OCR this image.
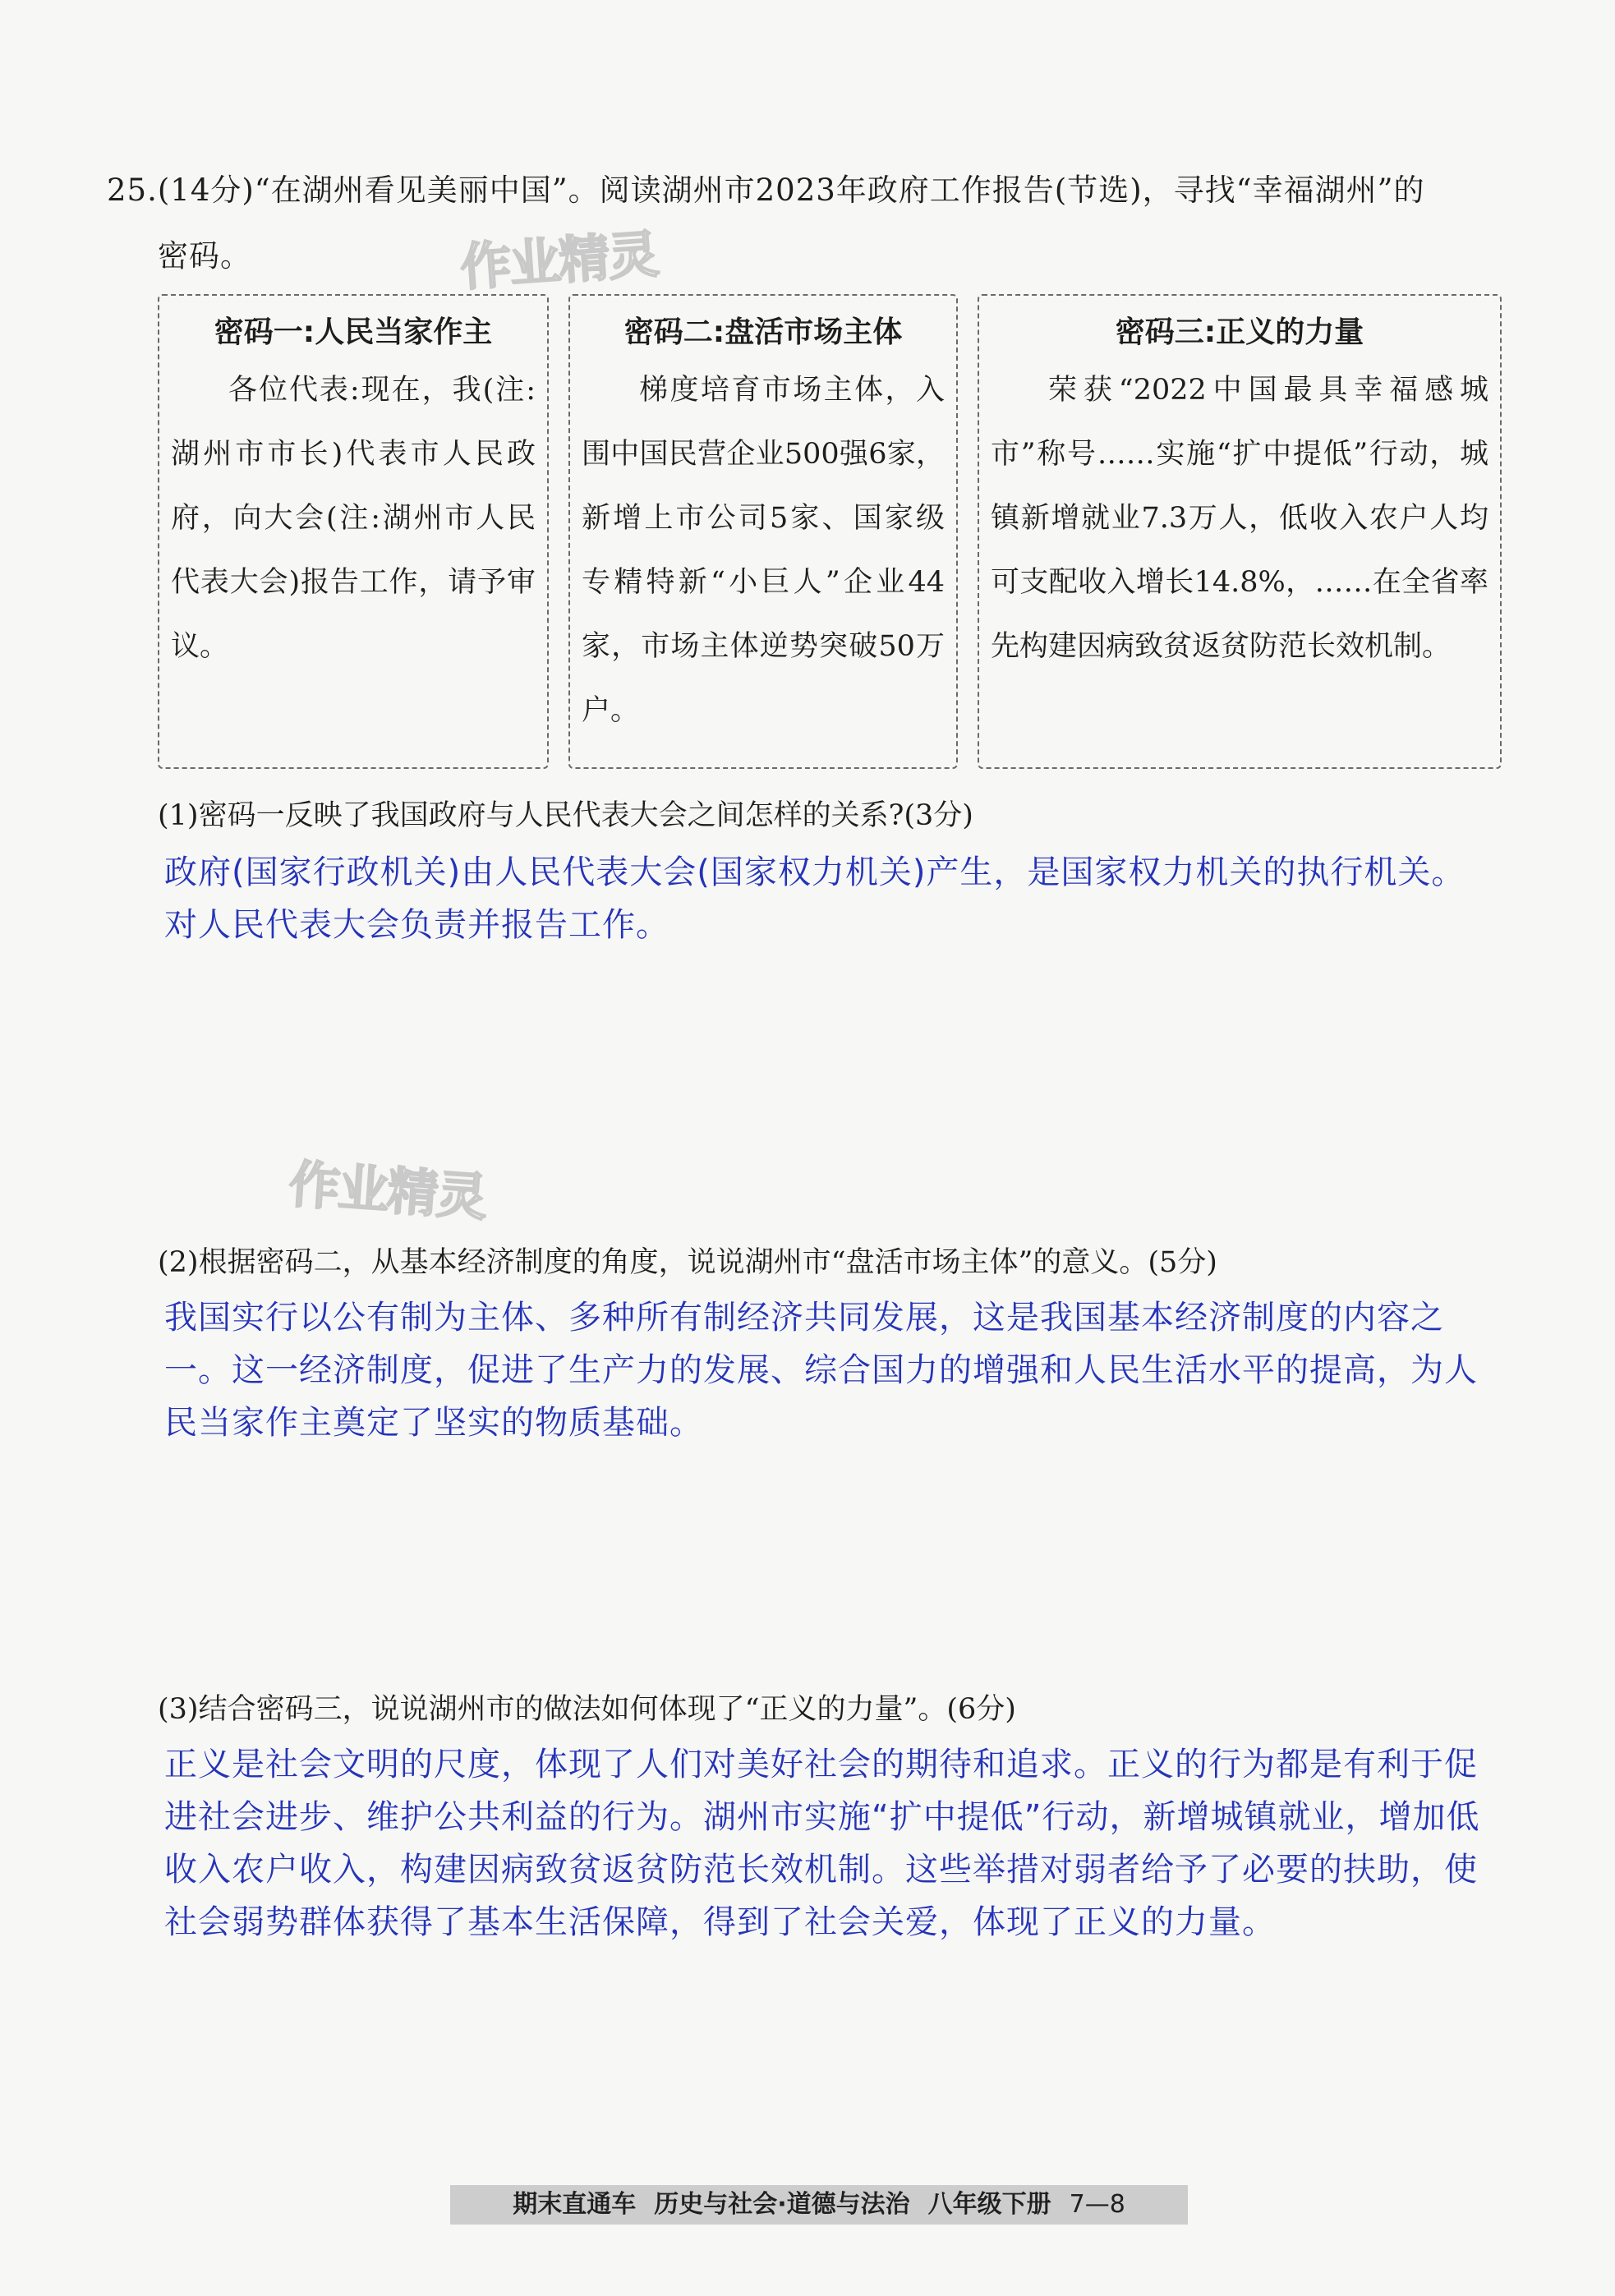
25.(14分)“在湖州看见美丽中国”。阅读湖州市2023年政府工作报告(节选)，寻找“幸福湖州”的
密码。	作业精灵
作业精灵
密码一:人民当家作主
各位代表:现在，我(注:湖州市市长)代表市人民政府，向大会(注:湖州市人民代表大会)报告工作，请予审议。
密码二:盘活市场主体
梯度培育市场主体，入围中国民营企业500强6家，新增上市公司5家、国家级专精特新“小巨人”企业44家，市场主体逆势突破50万户。
密码三:正义的力量
荣获“2022中国最具幸福感城市”称号……实施“扩中提低”行动，城镇新增就业7.3万人，低收入农户人均可支配收入增长14.8%，……在全省率先构建因病致贫返贫防范长效机制。
(1)密码一反映了我国政府与人民代表大会之间怎样的关系?(3分)
政府(国家行政机关)由人民代表大会(国家权力机关)产生，是国家权力机关的执行机关。对人民代表大会负责并报告工作。
(2)根据密码二，从基本经济制度的角度，说说湖州市“盘活市场主体”的意义。(5分)
我国实行以公有制为主体、多种所有制经济共同发展，这是我国基本经济制度的内容之一。这一经济制度，促进了生产力的发展、综合国力的增强和人民生活水平的提高，为人民当家作主奠定了坚实的物质基础。
(3)结合密码三，说说湖州市的做法如何体现了“正义的力量”。(6分)
正义是社会文明的尺度，体现了人们对美好社会的期待和追求。正义的行为都是有利于促进社会进步、维护公共利益的行为。湖州市实施“扩中提低”行动，新增城镇就业，增加低收入农户收入，构建因病致贫返贫防范长效机制。这些举措对弱者给予了必要的扶助，使社会弱势群体获得了基本生活保障，得到了社会关爱，体现了正义的力量。
期末直通车 历史与社会·道德与法治 八年级下册 7—8
